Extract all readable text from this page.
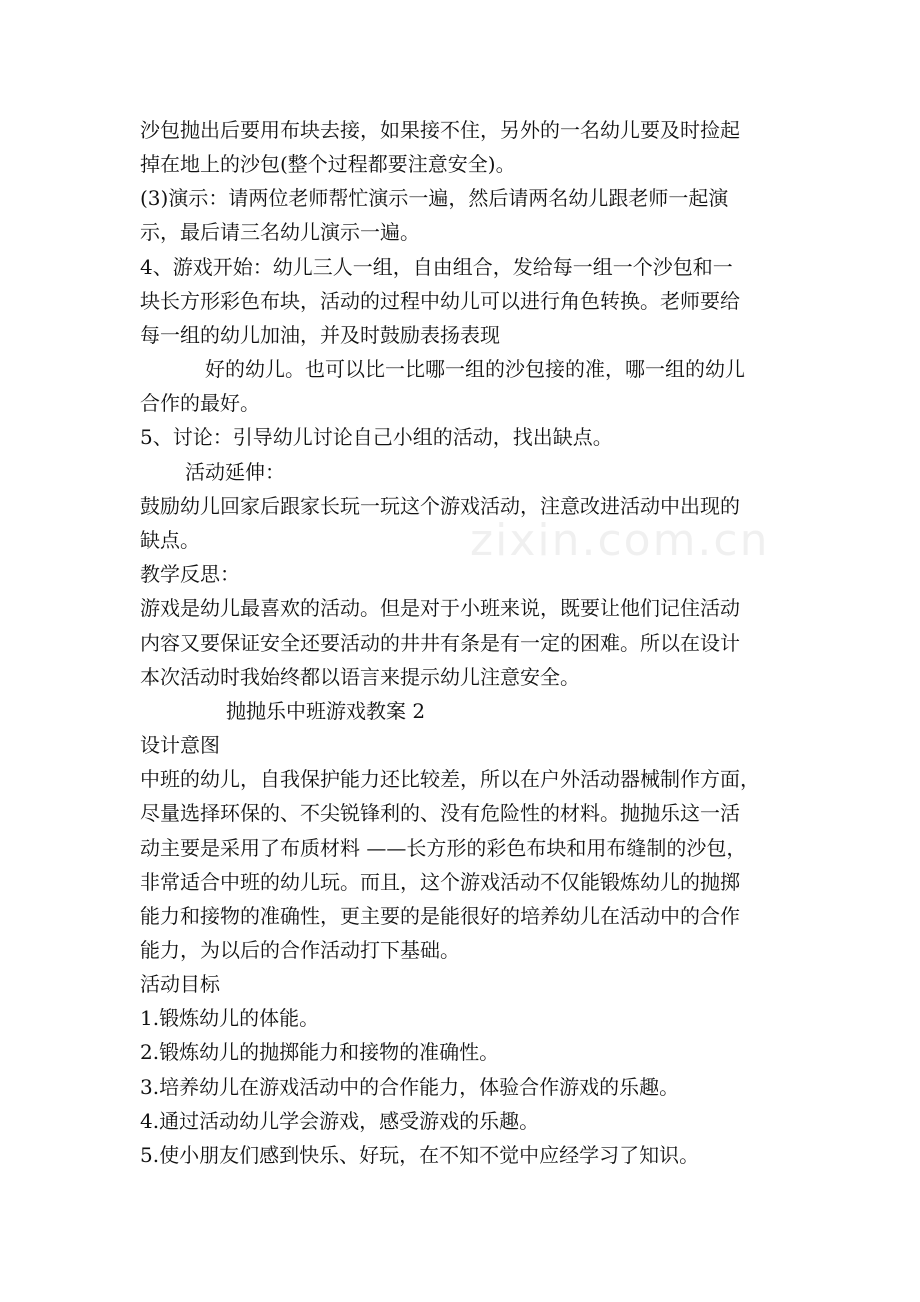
zixin.com.cn
沙包抛出后要用布块去接，如果接不住，另外的一名幼儿要及时捡起
掉在地上的沙包(整个过程都要注意安全)。
(3)演示：请两位老师帮忙演示一遍，然后请两名幼儿跟老师一起演
示，最后请三名幼儿演示一遍。
4、游戏开始：幼儿三人一组，自由组合，发给每一组一个沙包和一
块长方形彩色布块，活动的过程中幼儿可以进行角色转换。老师要给
每一组的幼儿加油，并及时鼓励表扬表现
好的幼儿。也可以比一比哪一组的沙包接的准，哪一组的幼儿
合作的最好。
5、讨论：引导幼儿讨论自己小组的活动，找出缺点。
活动延伸：
鼓励幼儿回家后跟家长玩一玩这个游戏活动，注意改进活动中出现的
缺点。
教学反思：
游戏是幼儿最喜欢的活动。但是对于小班来说，既要让他们记住活动
内容又要保证安全还要活动的井井有条是有一定的困难。所以在设计
本次活动时我始终都以语言来提示幼儿注意安全。
抛抛乐中班游戏教案 2
设计意图
中班的幼儿，自我保护能力还比较差，所以在户外活动器械制作方面，
尽量选择环保的、不尖锐锋利的、没有危险性的材料。抛抛乐这一活
动主要是采用了布质材料 ——长方形的彩色布块和用布缝制的沙包，
非常适合中班的幼儿玩。而且，这个游戏活动不仅能锻炼幼儿的抛掷
能力和接物的准确性，更主要的是能很好的培养幼儿在活动中的合作
能力，为以后的合作活动打下基础。
活动目标
1.锻炼幼儿的体能。
2.锻炼幼儿的抛掷能力和接物的准确性。
3.培养幼儿在游戏活动中的合作能力，体验合作游戏的乐趣。
4.通过活动幼儿学会游戏，感受游戏的乐趣。
5.使小朋友们感到快乐、好玩，在不知不觉中应经学习了知识。
